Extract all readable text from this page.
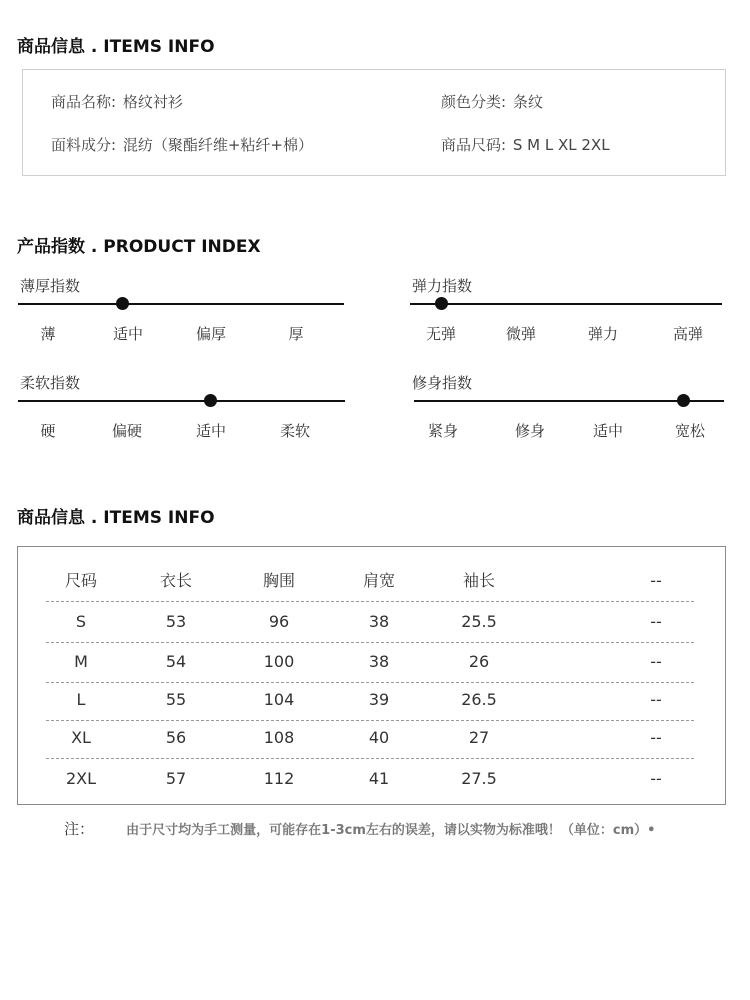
商品信息 . ITEMS INFO
商品名称: 格纹衬衫	颜色分类: 条纹
面料成分: 混纺（聚酯纤维+粘纤+棉）	商品尺码: S M L XL 2XL
产品指数 . PRODUCT INDEX
薄厚指数
薄	适中	偏厚	厚
弹力指数
无弹	微弹	弹力	高弹
柔软指数
硬	偏硬	适中	柔软
修身指数
紧身	修身	适中	宽松
商品信息 . ITEMS INFO
尺码	衣长	胸围	肩宽	袖长	--
S	53	96	38	25.5	--
M	54	100	38	26	--
L	55	104	39	26.5	--
XL	56	108	40	27	--
2XL	57	112	41	27.5	--
注： 由于尺寸均为手工测量，可能存在1-3cm左右的误差，请以实物为标准哦！（单位：cm）•
